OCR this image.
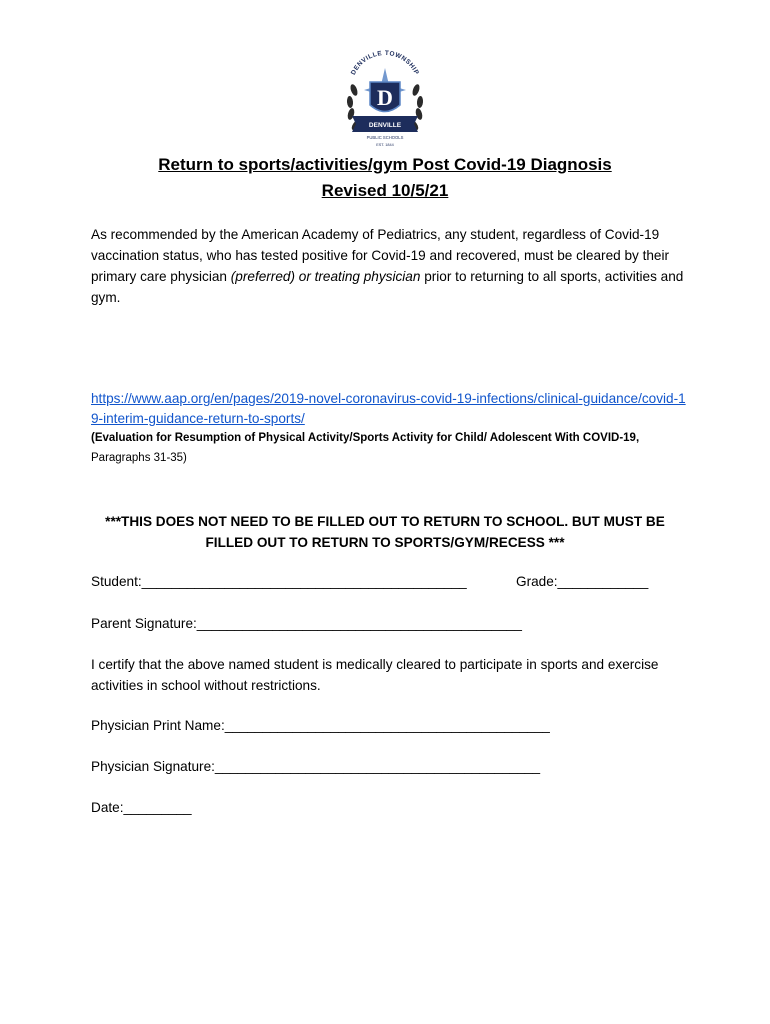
DENVILLE TOWNSHIP
D
DENVILLE
PUBLIC SCHOOLS
EST. 1844
Return to sports/activities/gym Post Covid-19 Diagnosis
Revised 10/5/21
As recommended by the American Academy of Pediatrics, any student, regardless of Covid-19 vaccination status, who has tested positive for Covid-19 and recovered, must be cleared by their primary care physician (preferred) or treating physician prior to returning to all sports, activities and gym.
https://www.aap.org/en/pages/2019-novel-coronavirus-covid-19-infections/clinical-guidance/covid-19-interim-guidance-return-to-sports/
(Evaluation for Resumption of Physical Activity/Sports Activity for Child/ Adolescent With COVID-19, Paragraphs 31-35)
***THIS DOES NOT NEED TO BE FILLED OUT TO RETURN TO SCHOOL. BUT MUST BE FILLED OUT TO RETURN TO SPORTS/GYM/RECESS ***
Student:___________________________________________	Grade:____________
Parent Signature:___________________________________________
I certify that the above named student is medically cleared to participate in sports and exercise activities in school without restrictions.
Physician Print Name:___________________________________________
Physician Signature:___________________________________________
Date:_________
